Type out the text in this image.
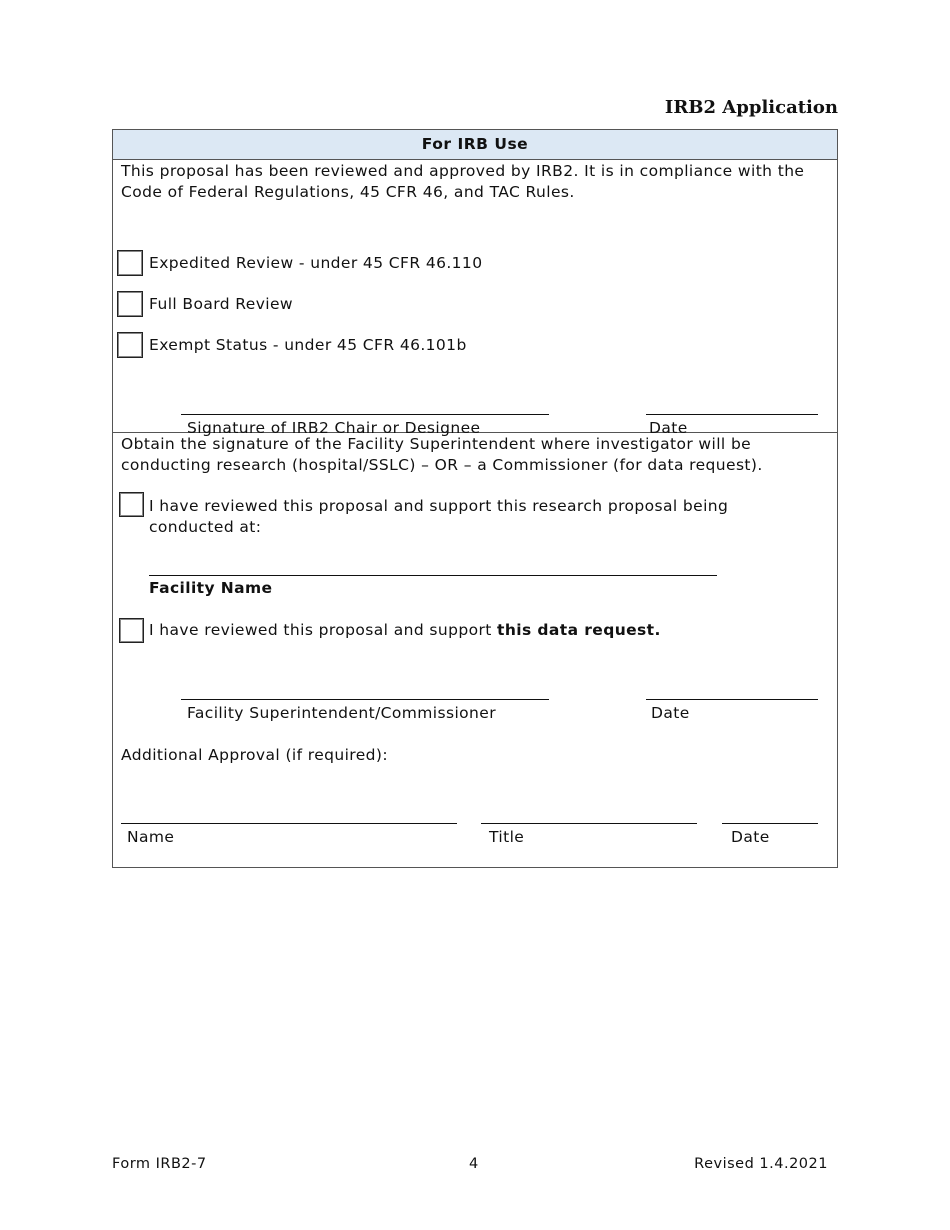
IRB2 Application
For IRB Use
This proposal has been reviewed and approved by IRB2. It is in compliance with the Code of Federal Regulations, 45 CFR 46, and TAC Rules.
Expedited Review - under 45 CFR 46.110
Full Board Review
Exempt Status - under 45 CFR 46.101b
Signature of IRB2 Chair or Designee	Date
Obtain the signature of the Facility Superintendent where investigator will be conducting research (hospital/SSLC) – OR – a Commissioner (for data request).
I have reviewed this proposal and support this research proposal being conducted at:
Facility Name
I have reviewed this proposal and support this data request.
Facility Superintendent/Commissioner	Date
Additional Approval (if required):
Name	Title	Date
Form IRB2-7	4	Revised 1.4.2021
